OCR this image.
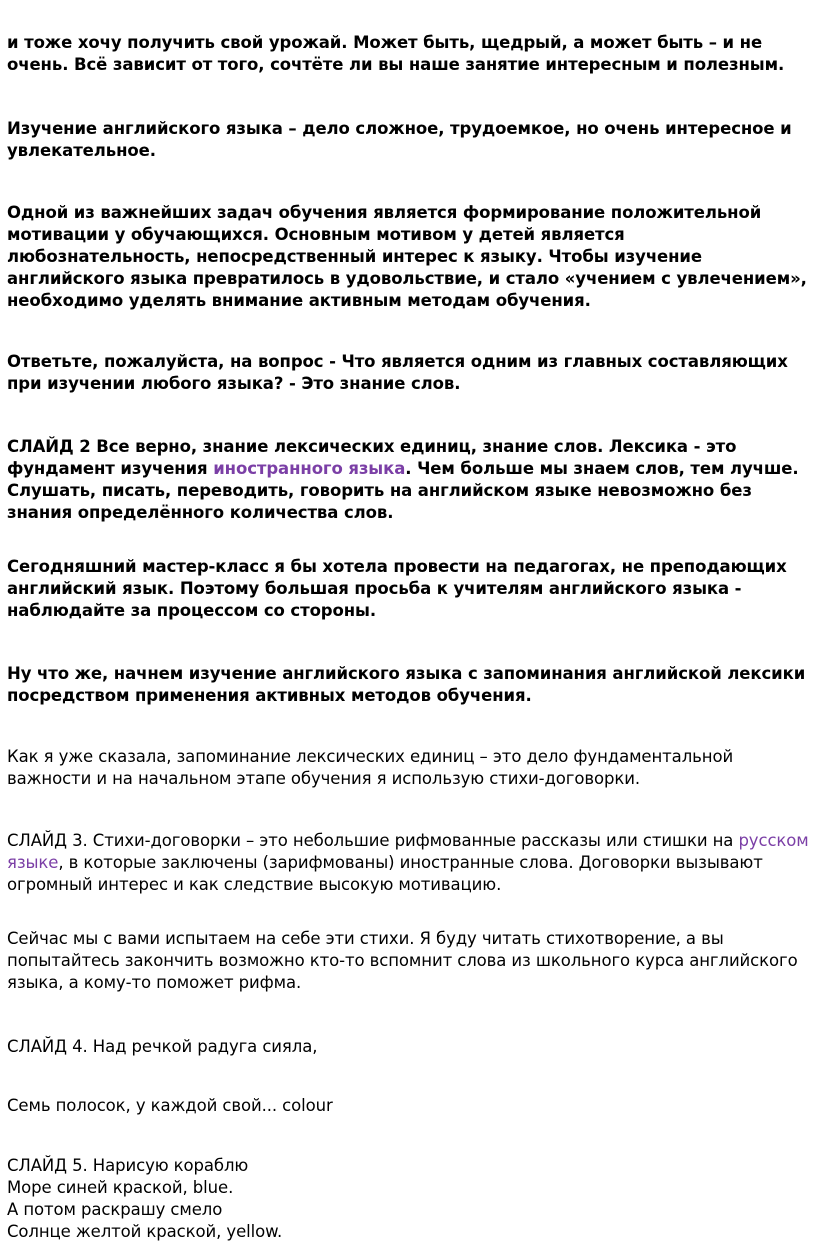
и тоже хочу получить свой урожай. Может быть, щедрый, а может быть – и не очень. Всё зависит от того, сочтёте ли вы наше занятие интересным и полезным.

Изучение английского языка – дело сложное, трудоемкое, но очень интересное и увлекательное.

Одной из важнейших задач обучения является формирование положительной мотивации у обучающихся. Основным мотивом у детей является любознательность, непосредственный интерес к языку. Чтобы изучение английского языка превратилось в удовольствие, и стало «учением с увлечением», необходимо уделять внимание активным методам обучения.

Ответьте, пожалуйста, на вопрос - Что является одним из главных составляющих при изучении любого языка? - Это знание слов.

СЛАЙД 2 Все верно, знание лексических единиц, знание слов. Лексика - это фундамент изучения иностранного языка. Чем больше мы знаем слов, тем лучше. Слушать, писать, переводить, говорить на английском языке невозможно без знания определённого количества слов.

Сегодняшний мастер-класс я бы хотела провести на педагогах, не преподающих английский язык. Поэтому большая просьба к учителям английского языка - наблюдайте за процессом со стороны.

Ну что же, начнем изучение английского языка с запоминания английской лексики посредством применения активных методов обучения.

Как я уже сказала, запоминание лексических единиц – это дело фундаментальной важности и на начальном этапе обучения я использую стихи-договорки.

СЛАЙД 3. Стихи-договорки – это небольшие рифмованные рассказы или стишки на русском языке, в которые заключены (зарифмованы) иностранные слова. Договорки вызывают огромный интерес и как следствие высокую мотивацию.

Сейчас мы с вами испытаем на себе эти стихи. Я буду читать стихотворение, а вы попытайтесь закончить возможно кто-то вспомнит слова из школьного курса английского языка, а кому-то поможет рифма.

СЛАЙД 4. Над речкой радуга сияла,

Семь полосок, у каждой свой... colour

СЛАЙД 5. Нарисую кораблю
Море синей краской, blue.
А потом раскрашу смело
Солнце желтой краской, yellow.
